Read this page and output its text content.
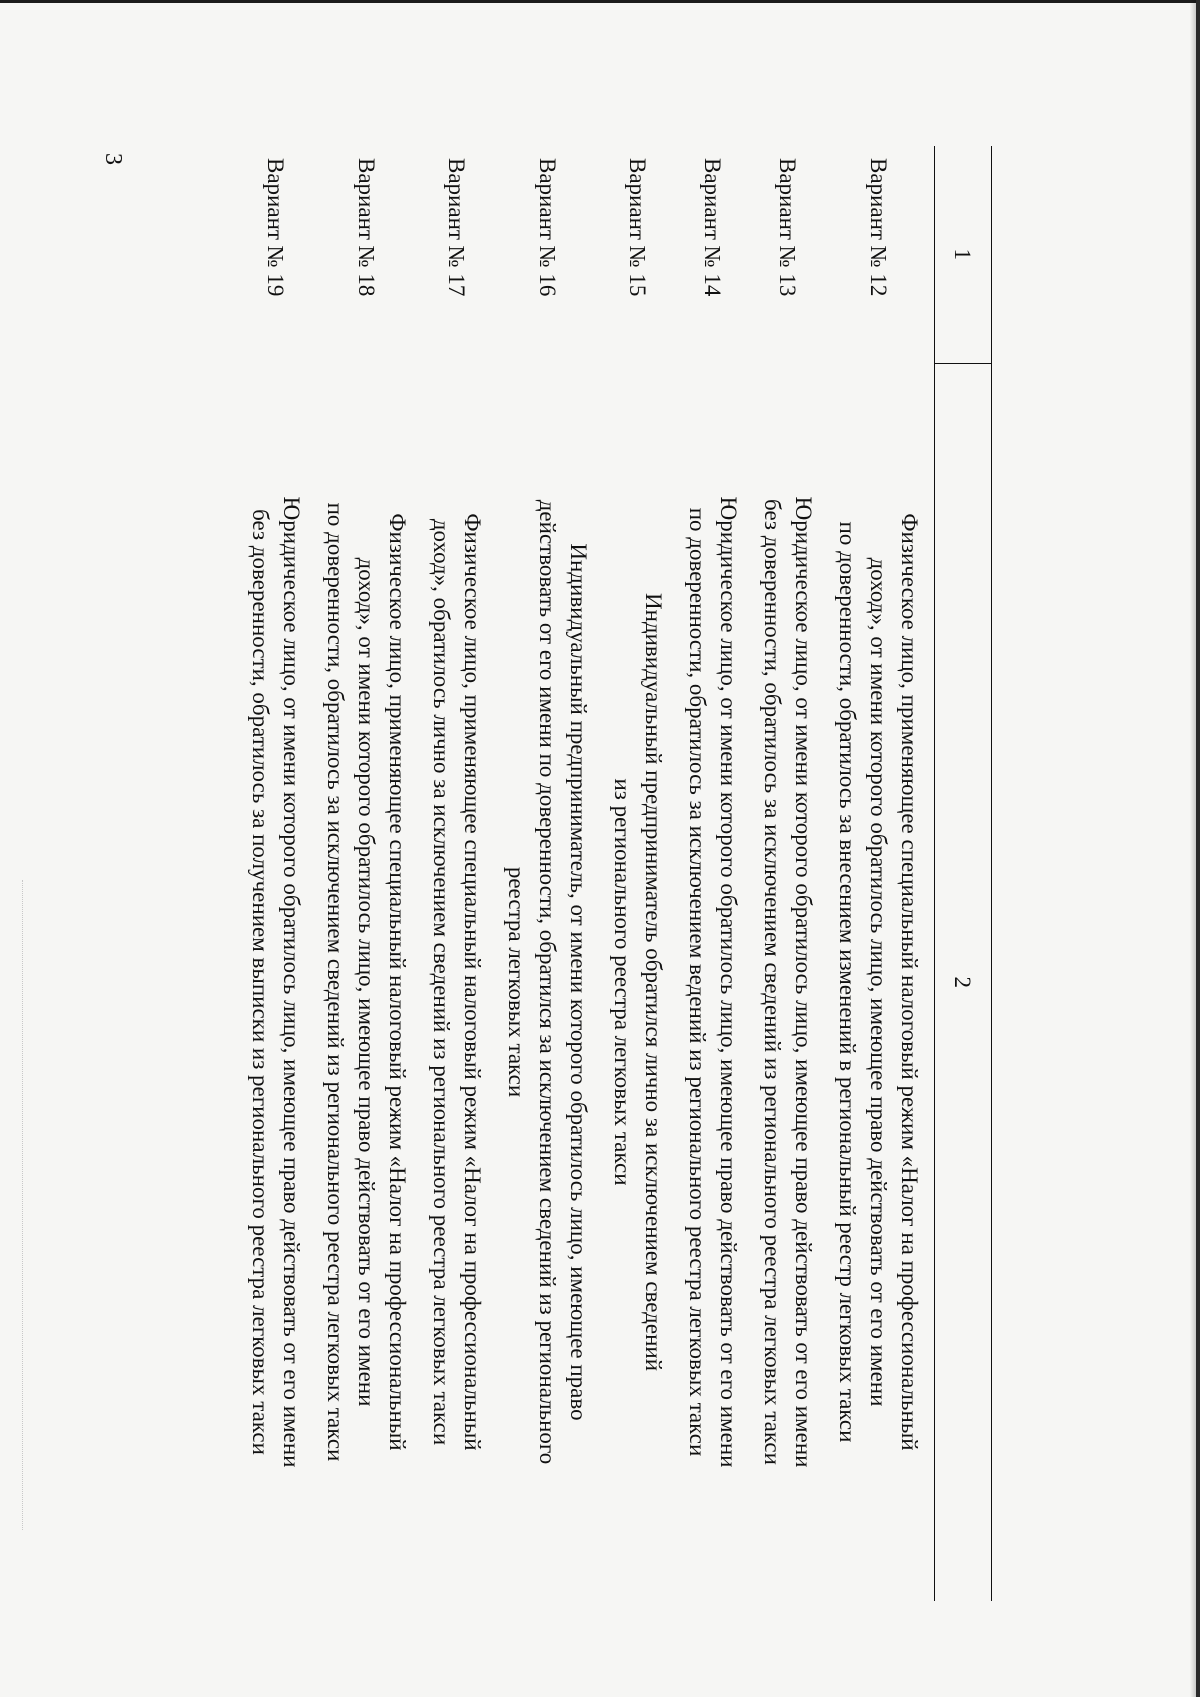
3
1	2
Вариант № 12	Физическое лицо, применяющее специальный налоговый режим «Налог на профессиональный
доход», от имени которого обратилось лицо, имеющее право действовать от его имени
по доверенности, обратилось за внесением изменений в региональный реестр легковых такси

Вариант № 13	Юридическое лицо, от имени которого обратилось лицо, имеющее право действовать от его имени
без доверенности, обратилось за исключением сведений из регионального реестра легковых такси

Вариант № 14	Юридическое лицо, от имени которого обратилось лицо, имеющее право действовать от его имени
по доверенности, обратилось за исключением ведений из регионального реестра легковых такси

Вариант № 15	Индивидуальный предприниматель обратился лично за исключением сведений
из регионального реестра легковых такси

Вариант № 16	Индивидуальный предприниматель, от имени которого обратилось лицо, имеющее право
действовать от его имени по доверенности, обратился за исключением сведений из регионального
реестра легковых такси

Вариант № 17	Физическое лицо, применяющее специальный налоговый режим «Налог на профессиональный
доход», обратилось лично за исключением сведений из регионального реестра легковых такси

Вариант № 18	Физическое лицо, применяющее специальный налоговый режим «Налог на профессиональный
доход», от имени которого обратилось лицо, имеющее право действовать от его имени
по доверенности, обратилось за исключением сведений из регионального реестра легковых такси

Вариант № 19	Юридическое лицо, от имени которого обратилось лицо, имеющее право действовать от его имени
без доверенности, обратилось за получением выписки из регионального реестра легковых такси
